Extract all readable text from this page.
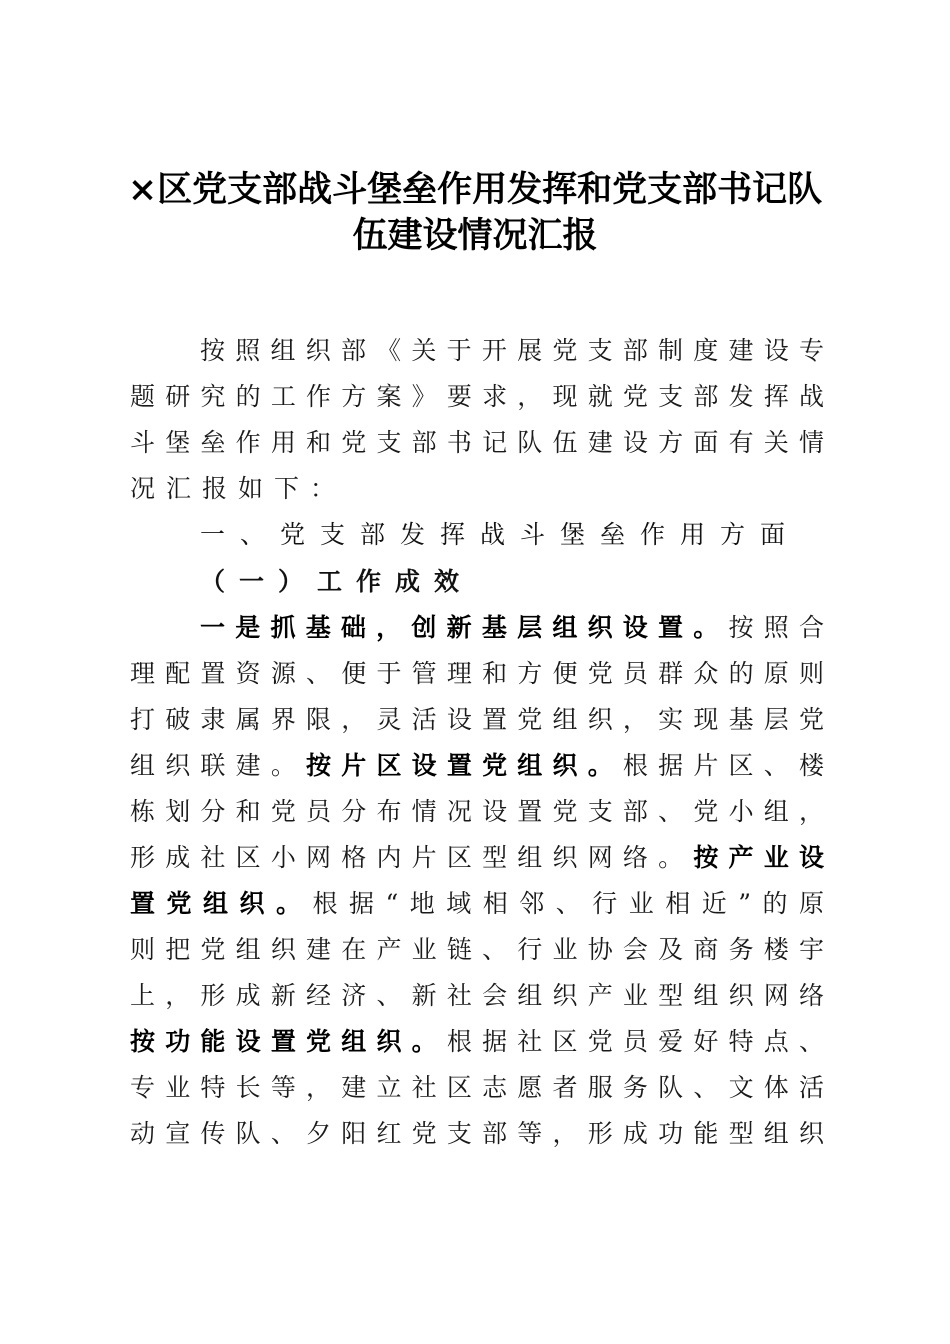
×区党支部战斗堡垒作用发挥和党支部书记队
伍建设情况汇报
按照组织部《关于开展党支部制度建设专
题研究的工作方案》要求，现就党支部发挥战
斗堡垒作用和党支部书记队伍建设方面有关情
况汇报如下：
一、党支部发挥战斗堡垒作用方面
（一）工作成效
一是抓基础，创新基层组织设置。按照合
理配置资源、便于管理和方便党员群众的原则
打破隶属界限，灵活设置党组织，实现基层党
组织联建。按片区设置党组织。根据片区、楼
栋划分和党员分布情况设置党支部、党小组，
形成社区小网格内片区型组织网络。按产业设
置党组织。根据“地域相邻、行业相近”的原
则把党组织建在产业链、行业协会及商务楼宇
上，形成新经济、新社会组织产业型组织网络
按功能设置党组织。根据社区党员爱好特点、
专业特长等，建立社区志愿者服务队、文体活
动宣传队、夕阳红党支部等，形成功能型组织
